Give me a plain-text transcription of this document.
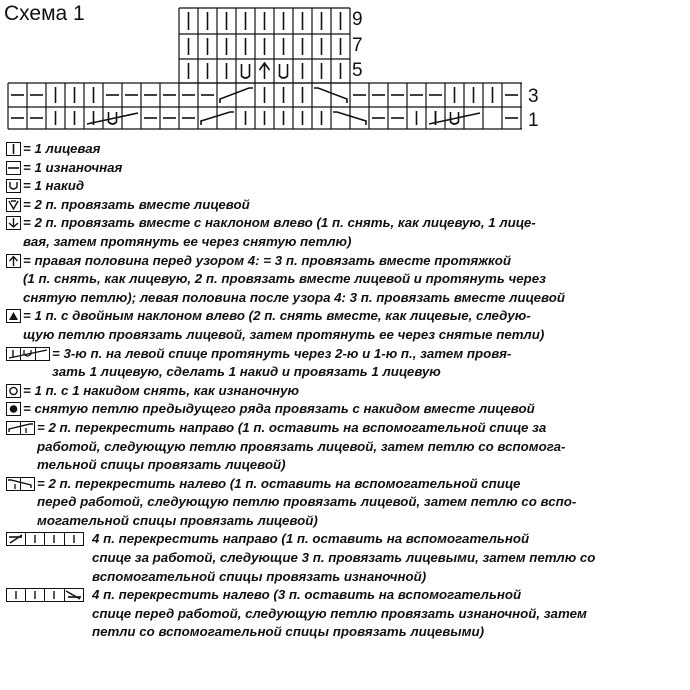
Схема 1	9
7
5
3
1
= 1 лицевая
= 1 изнаночная
= 1 накид
= 2 п. провязать вместе лицевой
= 2 п. провязать вместе с наклоном влево (1 п. снять, как лицевую, 1 лице-
вая, затем протянуть ее через снятую петлю)
= правая половина перед узором 4: = 3 п. провязать вместе протяжкой
(1 п. снять, как лицевую, 2 п. провязать вместе лицевой и протянуть через
снятую петлю); левая половина после узора 4: 3 п. провязать вместе лицевой
= 1 п. с двойным наклоном влево (2 п. снять вместе, как лицевые, следую-
щую петлю провязать лицевой, затем протянуть ее через снятые петли)
= 3-ю п. на левой спице протянуть через 2-ю и 1-ю п., затем провя-
зать 1 лицевую, сделать 1 накид и провязать 1 лицевую
= 1 п. с 1 накидом снять, как изнаночную
= снятую петлю предыдущего ряда провязать с накидом вместе лицевой
= 2 п. перекрестить направо (1 п. оставить на вспомогательной спице за
работой, следующую петлю провязать лицевой, затем петлю со вспомога-
тельной спицы провязать лицевой)
= 2 п. перекрестить налево (1 п. оставить на вспомогательной спице
перед работой, следующую петлю провязать лицевой, затем петлю со вспо-
могательной спицы провязать лицевой)
4 п. перекрестить направо (1 п. оставить на вспомогательной
спице за работой, следующие 3 п. провязать лицевыми, затем петлю со
вспомогательной спицы провязать изнаночной)
4 п. перекрестить налево (3 п. оставить на вспомогательной
спице перед работой, следующую петлю провязать изнаночной, затем
петли со вспомогательной спицы провязать лицевыми)
